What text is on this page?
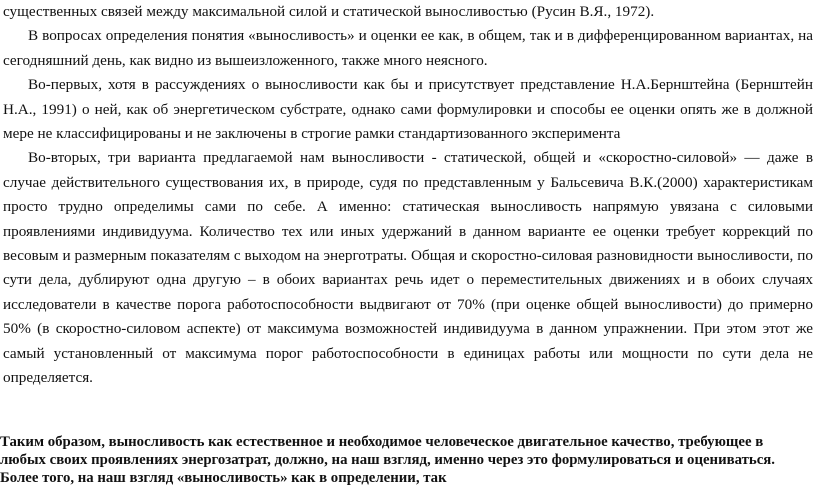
существенных связей между максимальной силой и статической выносливостью (Русин В.Я., 1972).

В вопросах определения понятия «выносливость» и оценки ее как, в общем, так и в дифференцированном вариантах, на сегодняшний день, как видно из вышеизложенного, также много неясного.

Во-первых, хотя в рассуждениях о выносливости как бы и присутствует представление Н.А.Бернштейна (Бернштейн Н.А., 1991) о ней, как об энергетическом субстрате, однако сами формулировки и способы ее оценки опять же в должной мере не классифицированы и не заключены в строгие рамки стандартизованного эксперимента

Во-вторых, три варианта предлагаемой нам выносливости - статической, общей и «скоростно-силовой» — даже в случае действительного существования их, в природе, судя по представленным у Бальсевича В.К.(2000) характеристикам просто трудно определимы сами по себе. А именно: статическая выносливость напрямую увязана с силовыми проявлениями индивидуума. Количество тех или иных удержаний в данном варианте ее оценки требует коррекций по весовым и размерным показателям с выходом на энерготраты. Общая и скоростно-силовая разновидности выносливости, по сути дела, дублируют одна другую – в обоих вариантах речь идет о переместительных движениях и в обоих случаях исследователи в качестве порога работоспособности выдвигают от 70% (при оценке общей выносливости) до примерно 50% (в скоростно-силовом аспекте) от максимума возможностей индивидуума в данном упражнении. При этом этот же самый установленный от максимума порог работоспособности в единицах работы или мощности по сути дела не определяется.

Таким образом, выносливость как естественное и необходимое человеческое двигательное качество, требующее в

любых своих проявлениях энергозатрат, должно, на наш взгляд, именно через это формулироваться и оцениваться.

Более того, на наш взгляд «выносливость» как в определении, так
